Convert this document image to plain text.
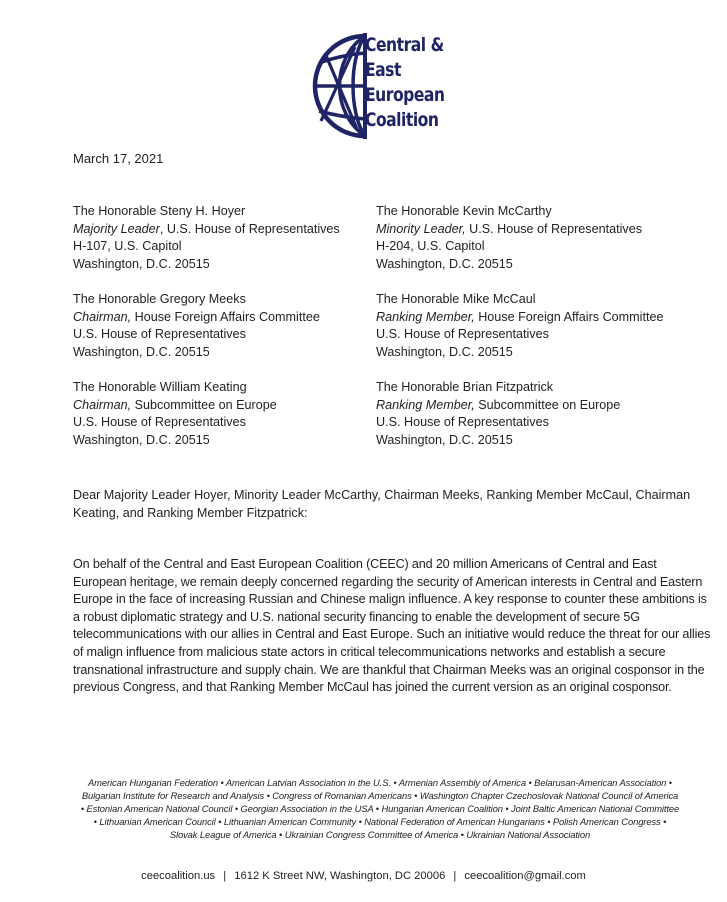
Central &
East
European
Coalition
March 17, 2021
The Honorable Steny H. Hoyer
Majority Leader, U.S. House of Representatives
H-107, U.S. Capitol
Washington, D.C. 20515
The Honorable Kevin McCarthy
Minority Leader, U.S. House of Representatives
H-204, U.S. Capitol
Washington, D.C. 20515
The Honorable Gregory Meeks
Chairman, House Foreign Affairs Committee
U.S. House of Representatives
Washington, D.C. 20515
The Honorable Mike McCaul
Ranking Member, House Foreign Affairs Committee
U.S. House of Representatives
Washington, D.C. 20515
The Honorable William Keating
Chairman, Subcommittee on Europe
U.S. House of Representatives
Washington, D.C. 20515
The Honorable Brian Fitzpatrick
Ranking Member, Subcommittee on Europe
U.S. House of Representatives
Washington, D.C. 20515
Dear Majority Leader Hoyer, Minority Leader McCarthy, Chairman Meeks, Ranking Member McCaul, Chairman Keating, and Ranking Member Fitzpatrick:
On behalf of the Central and East European Coalition (CEEC) and 20 million Americans of Central and East European heritage, we remain deeply concerned regarding the security of American interests in Central and Eastern Europe in the face of increasing Russian and Chinese malign influence. A key response to counter these ambitions is a robust diplomatic strategy and U.S. national security financing to enable the development of secure 5G telecommunications with our allies in Central and East Europe. Such an initiative would reduce the threat for our allies of malign influence from malicious state actors in critical telecommunications networks and establish a secure transnational infrastructure and supply chain. We are thankful that Chairman Meeks was an original cosponsor in the previous Congress, and that Ranking Member McCaul has joined the current version as an original cosponsor.
American Hungarian Federation • American Latvian Association in the U.S. • Armenian Assembly of America • Belarusan-American Association • Bulgarian Institute for Research and Analysis • Congress of Romanian Americans • Washington Chapter Czechoslovak National Council of America • Estonian American National Council • Georgian Association in the USA • Hungarian American Coalition • Joint Baltic American National Committee • Lithuanian American Council • Lithuanian American Community • National Federation of American Hungarians • Polish American Congress • Slovak League of America • Ukrainian Congress Committee of America • Ukrainian National Association
ceecoalition.us | 1612 K Street NW, Washington, DC 20006 | ceecoalition@gmail.com
